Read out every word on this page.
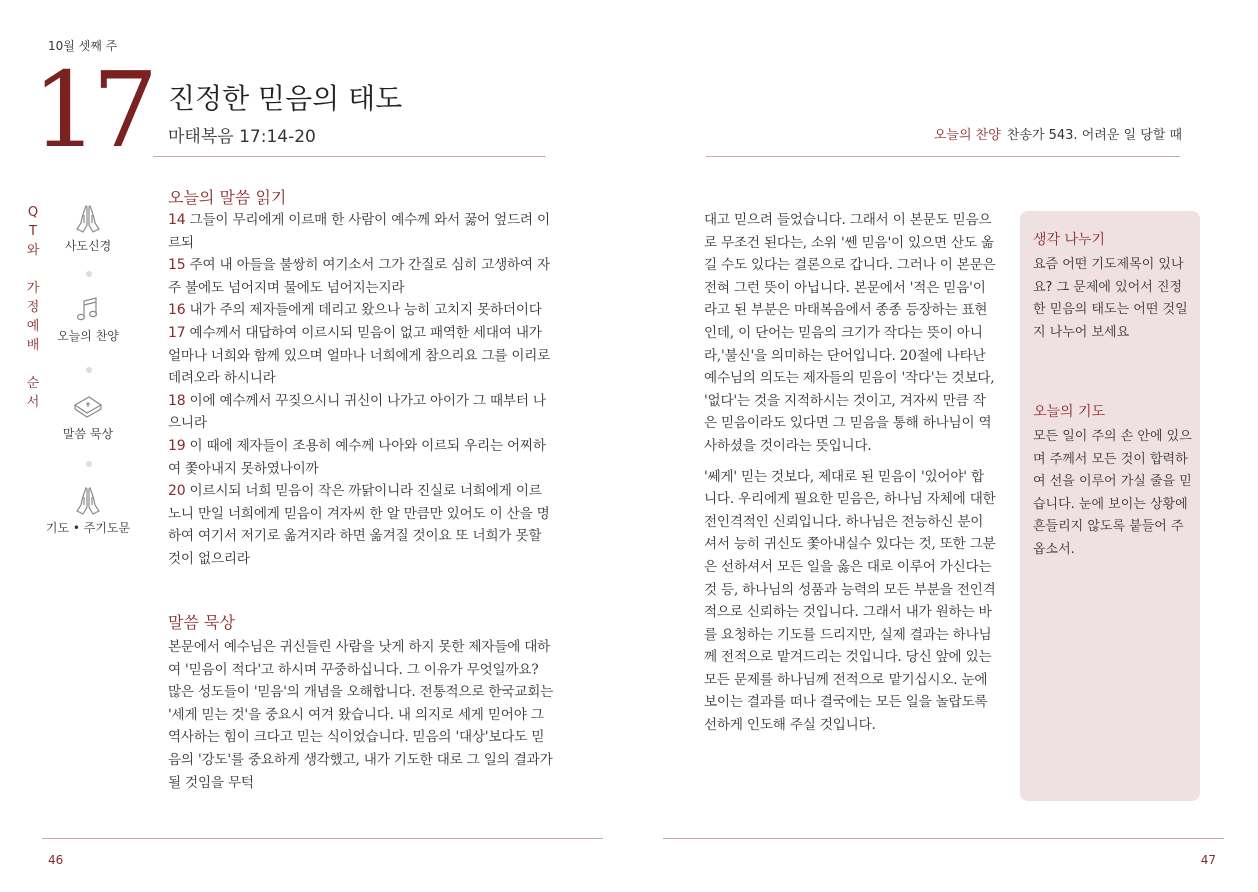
10월 셋째 주
17 진정한 믿음의 태도
마태복음 17:14-20	오늘의 찬양 찬송가 543. 어려운 일 당할 때
Q
T
와
가
정
예
배
순
서
사도신경
오늘의 찬양
말씀 묵상
기도 • 주기도문
오늘의 말씀 읽기

14 그들이 무리에게 이르매 한 사람이 예수께 와서 꿇어 엎드려 이르되

15 주여 내 아들을 불쌍히 여기소서 그가 간질로 심히 고생하여 자주 불에도 넘어지며 물에도 넘어지는지라

16 내가 주의 제자들에게 데리고 왔으나 능히 고치지 못하더이다

17 예수께서 대답하여 이르시되 믿음이 없고 패역한 세대여 내가 얼마나 너희와 함께 있으며 얼마나 너희에게 참으리요 그를 이리로 데려오라 하시니라

18 이에 예수께서 꾸짖으시니 귀신이 나가고 아이가 그 때부터 나으니라

19 이 때에 제자들이 조용히 예수께 나아와 이르되 우리는 어찌하여 쫓아내지 못하였나이까

20 이르시되 너희 믿음이 작은 까닭이니라 진실로 너희에게 이르노니 만일 너희에게 믿음이 겨자씨 한 알 만큼만 있어도 이 산을 명하여 여기서 저기로 옮겨지라 하면 옮겨질 것이요 또 너희가 못할 것이 없으리라

말씀 묵상
본문에서 예수님은 귀신들린 사람을 낫게 하지 못한 제자들에 대하여 '믿음이 적다'고 하시며 꾸중하십니다. 그 이유가 무엇일까요? 많은 성도들이 '믿음'의 개념을 오해합니다. 전통적으로 한국교회는 '세게 믿는 것'을 중요시 여겨 왔습니다. 내 의지로 세게 믿어야 그 역사하는 힘이 크다고 믿는 식이었습니다. 믿음의 '대상'보다도 믿음의 '강도'를 중요하게 생각했고, 내가 기도한 대로 그 일의 결과가 될 것임을 무턱

대고 믿으려 들었습니다. 그래서 이 본문도 믿음으로 무조건 된다는, 소위 '쎈 믿음'이 있으면 산도 옮길 수도 있다는 결론으로 갑니다. 그러나 이 본문은 전혀 그런 뜻이 아닙니다. 본문에서 '적은 믿음'이라고 된 부분은 마태복음에서 종종 등장하는 표현인데, 이 단어는 믿음의 크기가 작다는 뜻이 아니라,'불신'을 의미하는 단어입니다. 20절에 나타난 예수님의 의도는 제자들의 믿음이 '작다'는 것보다, '없다'는 것을 지적하시는 것이고, 겨자씨 만큼 작은 믿음이라도 있다면 그 믿음을 통해 하나님이 역사하셨을 것이라는 뜻입니다.

'쎄게' 믿는 것보다, 제대로 된 믿음이 '있어야' 합니다. 우리에게 필요한 믿음은, 하나님 자체에 대한 전인격적인 신뢰입니다. 하나님은 전능하신 분이셔서 능히 귀신도 쫓아내실수 있다는 것, 또한 그분은 선하셔서 모든 일을 옳은 대로 이루어 가신다는 것 등, 하나님의 성품과 능력의 모든 부분을 전인격적으로 신뢰하는 것입니다. 그래서 내가 원하는 바를 요청하는 기도를 드리지만, 실제 결과는 하나님께 전적으로 맡겨드리는 것입니다. 당신 앞에 있는 모든 문제를 하나님께 전적으로 맡기십시오. 눈에 보이는 결과를 떠나 결국에는 모든 일을 놀랍도록 선하게 인도해 주실 것입니다.

생각 나누기
요즘 어떤 기도제목이 있나요? 그 문제에 있어서 진정한 믿음의 태도는 어떤 것일지 나누어 보세요
오늘의 기도
모든 일이 주의 손 안에 있으며 주께서 모든 것이 합력하여 선을 이루어 가실 줄을 믿습니다. 눈에 보이는 상황에 흔들리지 않도록 붙들어 주옵소서.
46	47
